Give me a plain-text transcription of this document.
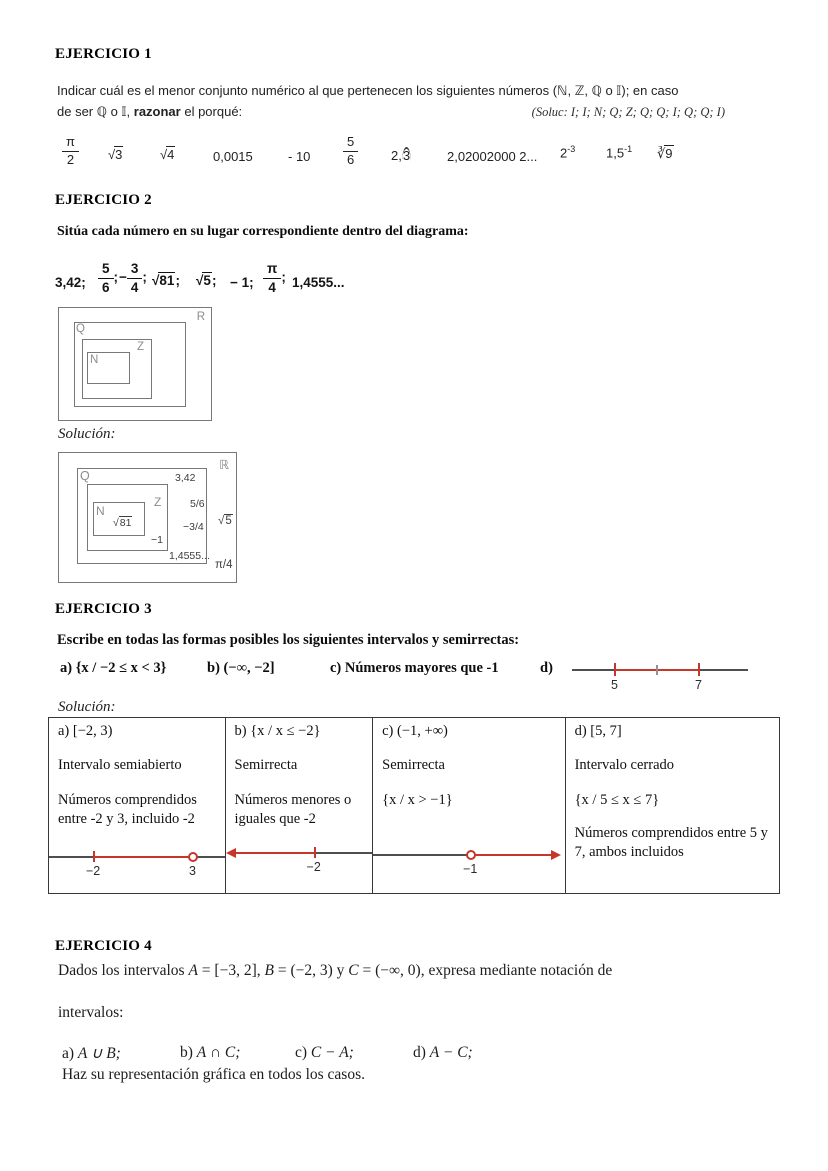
EJERCICIO 1
Indicar cuál es el menor conjunto numérico al que pertenecen los siguientes números (ℕ, ℤ, ℚ o 𝕀); en caso
de ser ℚ o 𝕀, razonar el porqué:	(Soluc: I; I; N; Q; Z; Q; Q; I; Q; Q; I)
$\frac{\pi}{2} √3$	√4	0,0015	- 10	$\frac{5}{6}$	2,3	2,02002000 2... $2^{-3}$ $1,5^{-1}$ ∛9
EJERCICIO 2
Sitúa cada número en su lugar correspondiente dentro del diagrama:
3,42; $\frac{5}{6}$ ; − $\frac{3}{4}$ ; √81; √5; − 1; $\frac{\pi}{4}$ ; 1,4555...
R
Q
Z
N
Solución:
ℝ
Q
Z
N
3,42
5/6
−3/4
−1
√81
1,4555...
√5
π/4
EJERCICIO 3
Escribe en todas las formas posibles los siguientes intervalos y semirrectas:
a) {x / −2 ≤ x < 3}	b) (−∞, −2]	c) Números mayores que -1	d)
5	7
Solución:
a) [−2, 3)
Intervalo semiabierto
Números comprendidos entre -2 y 3, incluido -2
−2	3
b) {x / x ≤ −2}
Semirrecta
Números menores o iguales que -2
−2
c) (−1, +∞)
Semirrecta
{x / x > −1}
−1
d) [5, 7]
Intervalo cerrado
{x / 5 ≤ x ≤ 7}
Números comprendidos entre 5 y 7, ambos incluidos
EJERCICIO 4
Dados los intervalos A = [−3, 2], B = (−2, 3) y C = (−∞, 0), expresa mediante notación de
intervalos:
a) A ∪ B;	b) A ∩ C;	c) C − A;	d) A − C;
Haz su representación gráfica en todos los casos.
